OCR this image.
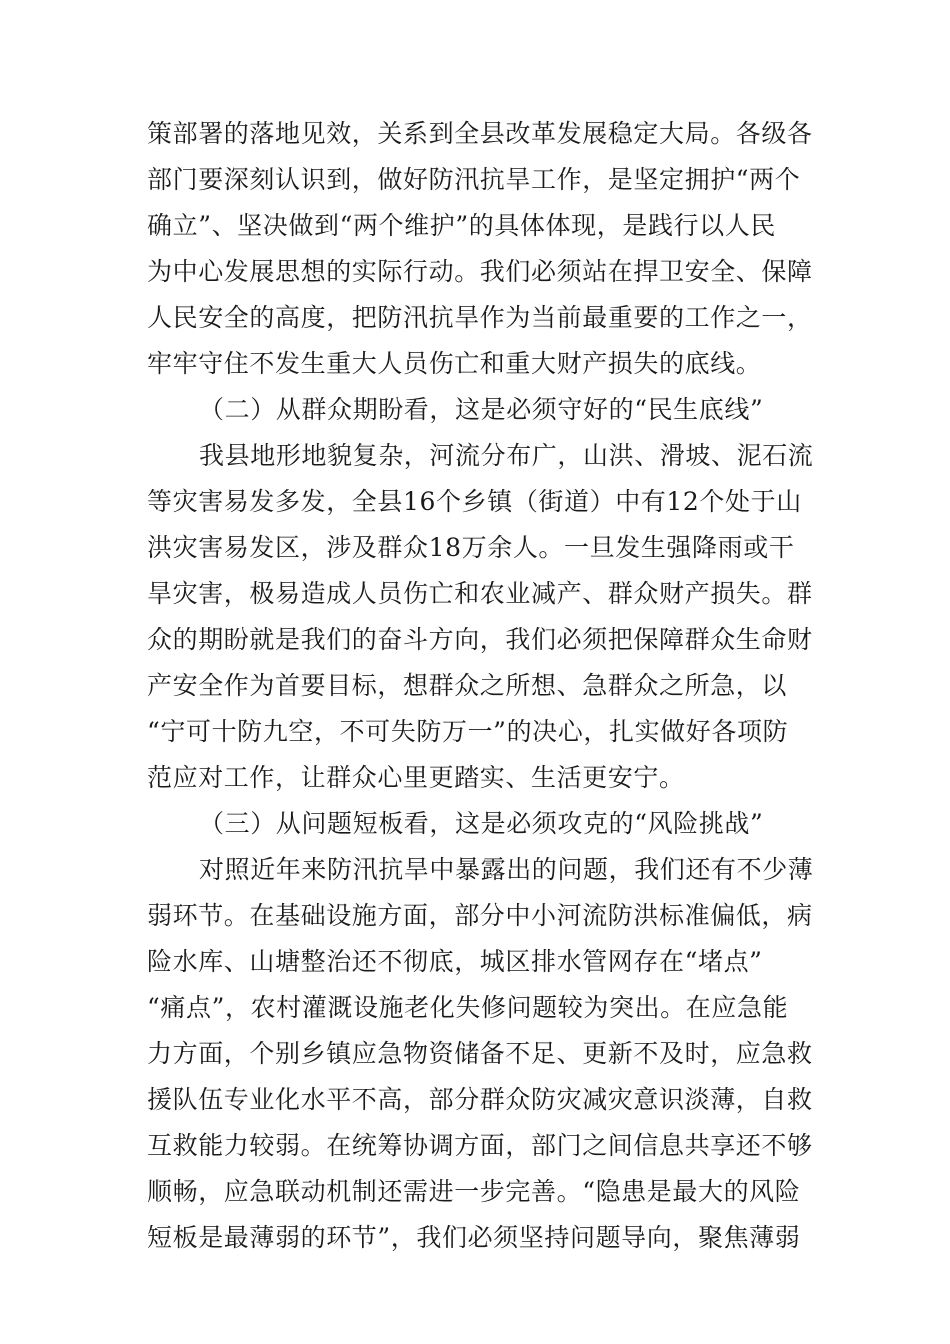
策部署的落地见效，关系到全县改革发展稳定大局。各级各
部门要深刻认识到，做好防汛抗旱工作，是坚定拥护“两个
确立”、坚决做到“两个维护”的具体体现，是践行以人民
为中心发展思想的实际行动。我们必须站在捍卫安全、保障
人民安全的高度，把防汛抗旱作为当前最重要的工作之一，
牢牢守住不发生重大人员伤亡和重大财产损失的底线。
（二）从群众期盼看，这是必须守好的“民生底线”
我县地形地貌复杂，河流分布广，山洪、滑坡、泥石流
等灾害易发多发，全县16个乡镇（街道）中有12个处于山
洪灾害易发区，涉及群众18万余人。一旦发生强降雨或干
旱灾害，极易造成人员伤亡和农业减产、群众财产损失。群
众的期盼就是我们的奋斗方向，我们必须把保障群众生命财
产安全作为首要目标，想群众之所想、急群众之所急，以
“宁可十防九空，不可失防万一”的决心，扎实做好各项防
范应对工作，让群众心里更踏实、生活更安宁。
（三）从问题短板看，这是必须攻克的“风险挑战”
对照近年来防汛抗旱中暴露出的问题，我们还有不少薄
弱环节。在基础设施方面，部分中小河流防洪标准偏低，病
险水库、山塘整治还不彻底，城区排水管网存在“堵点”
“痛点”，农村灌溉设施老化失修问题较为突出。在应急能
力方面，个别乡镇应急物资储备不足、更新不及时，应急救
援队伍专业化水平不高，部分群众防灾减灾意识淡薄，自救
互救能力较弱。在统筹协调方面，部门之间信息共享还不够
顺畅，应急联动机制还需进一步完善。“隐患是最大的风险
短板是最薄弱的环节”，我们必须坚持问题导向，聚焦薄弱
